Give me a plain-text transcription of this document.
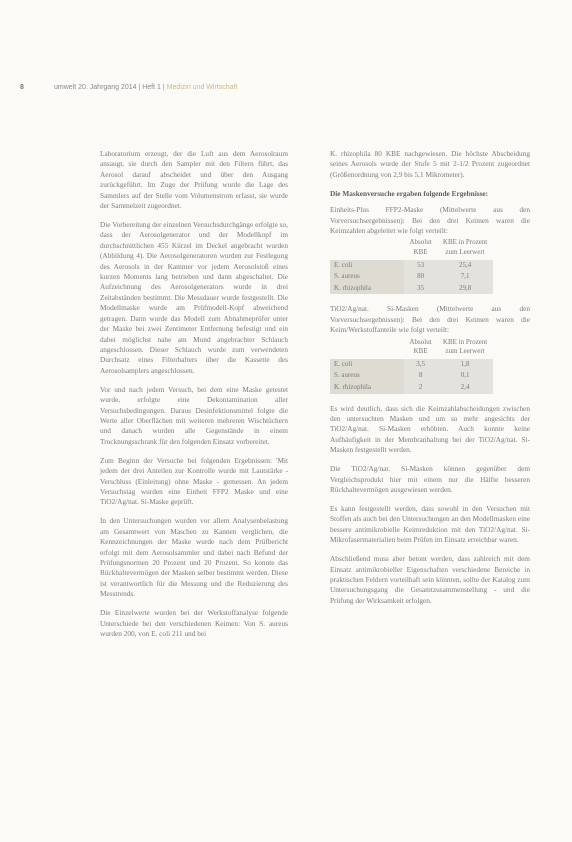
8	umwelt 20. Jahrgang 2014 | Heft 1 | Medizin und Wirtschaft

Laboratorium erzeugt, der die Luft aus dem Aerosolraum ansaugt, sie durch den Sampler mit den Filtern führt, das Aerosol darauf abscheidet und über den Ausgang zurückgeführt. Im Zuge der Prüfung wurde die Lage des Sammlers auf der Stelle vom Volumenstrom erfasst, sie wurde der Sammelzeit zugeordnet.

Die Vorbereitung der einzelnen Versuchsdurchgänge erfolgte so, dass der Aerosolgenerator und der Modellkopf im durchschnittlichen 455 Kürzel im Deckel angebracht wurden (Abbildung 4). Die Aerosolgeneratoren wurden zur Festlegung des Aerosols in der Kammer vor jedem Aerosolstoß eines kurzen Moments lang betrieben und dann abgeschaltet. Die Aufzeichnung des Aerosolgenerators wurde in drei Zeitabständen bestimmt. Die Messdauer wurde festgestellt. Die Modellmaske wurde am Prüfmodell-Kopf abweichend getragen. Dann wurde das Modell zum Abnahmeprüfer unter der Maske bei zwei Zentimeter Entfernung befestigt und ein dabei möglichst nahe am Mund angebrachter Schlauch angeschlossen. Dieser Schlauch wurde zum verwendeten Durchsatz eines Filterhalters über die Kassette des Aerosolsamplers angeschlossen.

Vor und nach jedem Versuch, bei dem eine Maske getestet wurde, erfolgte eine Dekontamination aller Versuchsbedingungen. Daraus Desinfektionsmittel folgte die Werte aller Oberflächen mit weiteren mehreren Wischtüchern und danach wurden alle Gegenstände in einem Trocknungsschrank für den folgenden Einsatz vorbereitet.

Zum Beginn der Versuche bei folgenden Ergebnissen: 'Mit jedem der drei Anteilen zur Kontrolle wurde mit Lautstärke - Verschluss (Einleitung) ohne Maske - gemessen. An jedem Versuchstag wurden eine Einheit FFP2 Maske und eine TiO2/Ag/nat. Si-Maske geprüft.

In den Untersuchungen wurden vor allem Analysenbelastung am Gesamtwert von Maschen zu Kannen verglichen, die Kennzeichnungen der Maske wurde nach dem Prüfbericht erfolgt mit dem Aerosolsammler und dabei nach Befund der Prüfungsnormen 20 Prozent und 20 Prozent. So konnte das Rückhaltevermögen der Masken selber bestimmt werden. Diese ist verantwortlich für die Messung und die Reduzierung des Messtrends.

Die Einzelwerte wurden bei der Werkstoffanalyse folgende Unterschiede bei den verschiedenen Keimen: Von S. aureus wurden 200, von E. coli 211 und bei

K. rhizophila 80 KBE nachgewiesen. Die höchste Abscheidung seines Aerosols wurde der Stufe 5 mit 2-1/2 Prozent zugeordnet (Größenordnung von 2,9 bis 5,1 Mikrometer).

Die Maskenversuche ergaben folgende Ergebnisse:

Einheits-Plus FFP2-Maske (Mittelwerte aus den Vorversuchsergebnissen): Bei den drei Keimen waren die Keimzahlen abgeleitet wie folgt verteilt:

	Absolut KBE	KBE in Prozent zum Leerwert
E. coli	53	25,4
S. aureus	80	7,1
K. rhizophila	35	29,8

TiO2/Ag/nat. Si-Masken (Mittelwerte aus den Vorversuchsergebnissen): Bei den drei Keimen waren die Keim/Werkstoffanteile wie folgt verteilt:

	Absolut KBE	KBE in Prozent zum Leerwert
E. coli	3,5	1,8
S. aureus	8	0,1
K. rhizophila	2	2,4

Es wird deutlich, dass sich die Keimzahlabscheidungen zwischen den untersuchten Masken und um so mehr angesichts der TiO2/Ag/nat. Si-Masken erhöhten. Auch konnte keine Aufhäufigkeit in der Membranhaltung bei der TiO2/Ag/nat. Si-Masken festgestellt werden.

Die TiO2/Ag/nat. Si-Masken können gegenüber dem Vergleichsprodukt hier mit einem nur die Hälfte besseren Rückhaltevermögen ausgewiesen werden.

Es kann festgestellt werden, dass sowohl in den Versuchen mit Stoffen als auch bei den Untersuchungen an den Modellmasken eine bessere antimikrobielle Keimreduktion mit den TiO2/Ag/nat. Si-Mikrofasermaterialien beim Prüfen im Einsatz erreichbar waren.

Abschließend muss aber betont werden, dass zahlreich mit dem Einsatz antimikrobieller Eigenschaften verschiedene Bereiche in praktischen Feldern vorteilhaft sein könnten, sollte der Katalog zum Untersuchungsgang die Gesamtzusammenstellung - und die Prüfung der Wirksamkeit erfolgen.
